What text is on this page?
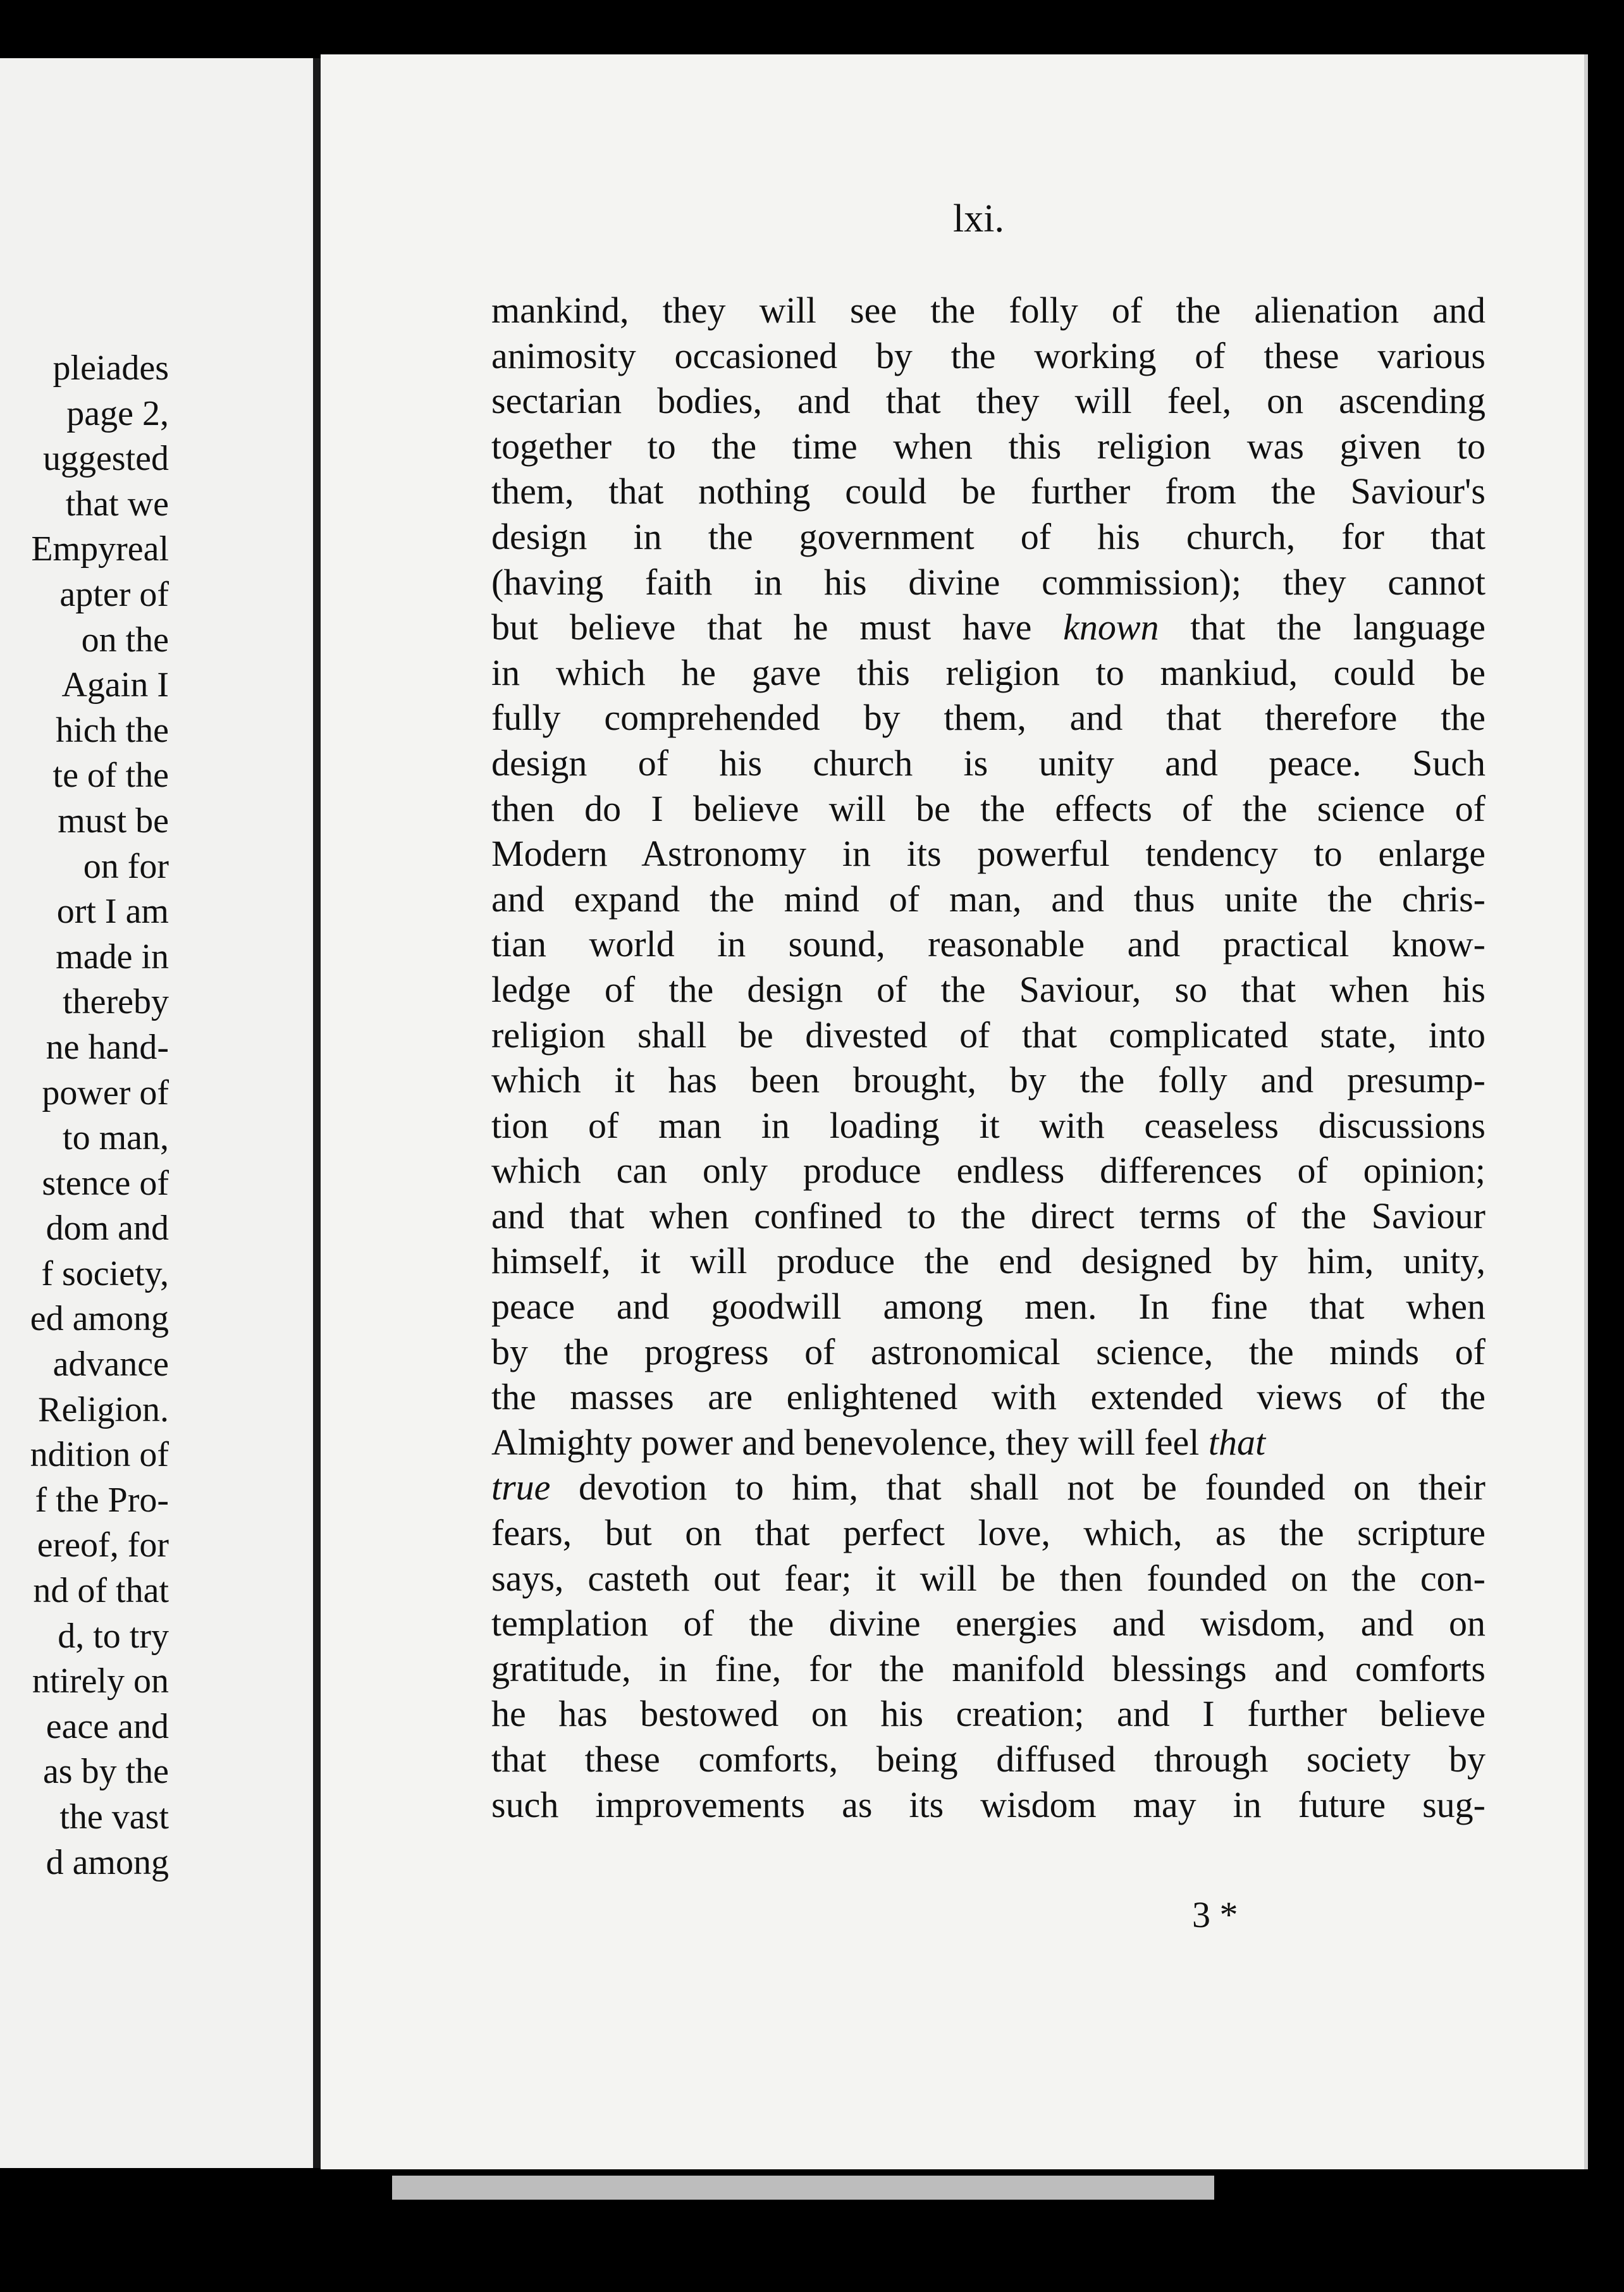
pleiades
page 2,
uggested
that we
Empyreal
apter of
on the
Again I
hich the
te of the
must be
on for
ort I am
made in
thereby
ne hand-
power of
to man,
stence of
dom and
f society,
ed among
advance
Religion.
ndition of
f the Pro-
ereof, for
nd of that
d, to try
ntirely on
eace and
as by the
the vast
d among
lxi.
mankind, they will see the folly of the alienation and
animosity occasioned by the working of these various
sectarian bodies, and that they will feel, on ascending
together to the time when this religion was given to
them, that nothing could be further from the Saviour's
design in the government of his church, for that
(having faith in his divine commission); they cannot
but believe that he must have known that the language
in which he gave this religion to mankiud, could be
fully comprehended by them, and that therefore the
design of his church is unity and peace. Such
then do I believe will be the effects of the science of
Modern Astronomy in its powerful tendency to enlarge
and expand the mind of man, and thus unite the chris-
tian world in sound, reasonable and practical know-
ledge of the design of the Saviour, so that when his
religion shall be divested of that complicated state, into
which it has been brought, by the folly and presump-
tion of man in loading it with ceaseless discussions
which can only produce endless differences of opinion;
and that when confined to the direct terms of the Saviour
himself, it will produce the end designed by him, unity,
peace and goodwill among men. In fine that when
by the progress of astronomical science, the minds of
the masses are enlightened with extended views of the
Almighty power and benevolence, they will feel that
true devotion to him, that shall not be founded on their
fears, but on that perfect love, which, as the scripture
says, casteth out fear; it will be then founded on the con-
templation of the divine energies and wisdom, and on
gratitude, in fine, for the manifold blessings and comforts
he has bestowed on his creation; and I further believe
that these comforts, being diffused through society by
such improvements as its wisdom may in future sug-
3 *
